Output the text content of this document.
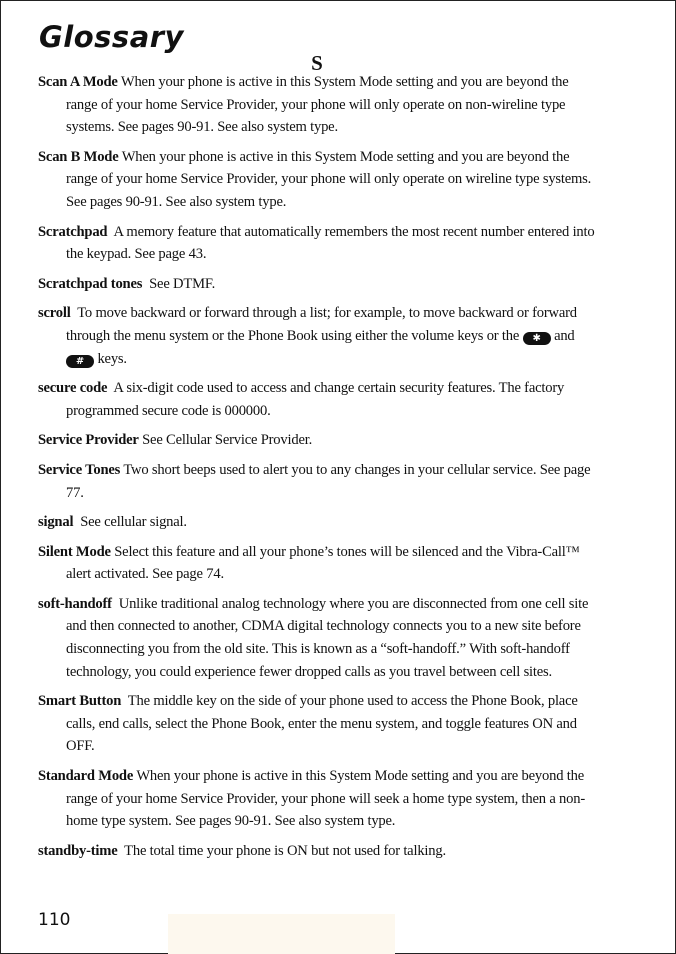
Glossary
S

Scan A Mode When your phone is active in this System Mode setting and you are beyond the range of your home Service Provider, your phone will only operate on non-wireline type systems. See pages 90-91. See also system type.

Scan B Mode When your phone is active in this System Mode setting and you are beyond the range of your home Service Provider, your phone will only operate on wireline type systems. See pages 90-91. See also system type.

Scratchpad A memory feature that automatically remembers the most recent number entered into the keypad. See page 43.

Scratchpad tones See DTMF.

scroll To move backward or forward through a list; for example, to move backward or forward through the menu system or the Phone Book using either the volume keys or the ✱ and # keys.

secure code A six-digit code used to access and change certain security features. The factory programmed secure code is 000000.

Service Provider See Cellular Service Provider.

Service Tones Two short beeps used to alert you to any changes in your cellular service. See page 77.

signal See cellular signal.

Silent Mode Select this feature and all your phone’s tones will be silenced and the Vibra-Call™ alert activated. See page 74.

soft-handoff Unlike traditional analog technology where you are disconnected from one cell site and then connected to another, CDMA digital technology connects you to a new site before disconnecting you from the old site. This is known as a “soft-handoff.” With soft-handoff technology, you could experience fewer dropped calls as you travel between cell sites.

Smart Button The middle key on the side of your phone used to access the Phone Book, place calls, end calls, select the Phone Book, enter the menu system, and toggle features ON and OFF.

Standard Mode When your phone is active in this System Mode setting and you are beyond the range of your home Service Provider, your phone will seek a home type system, then a non-home type system. See pages 90-91. See also system type.

standby-time The total time your phone is ON but not used for talking.

110
